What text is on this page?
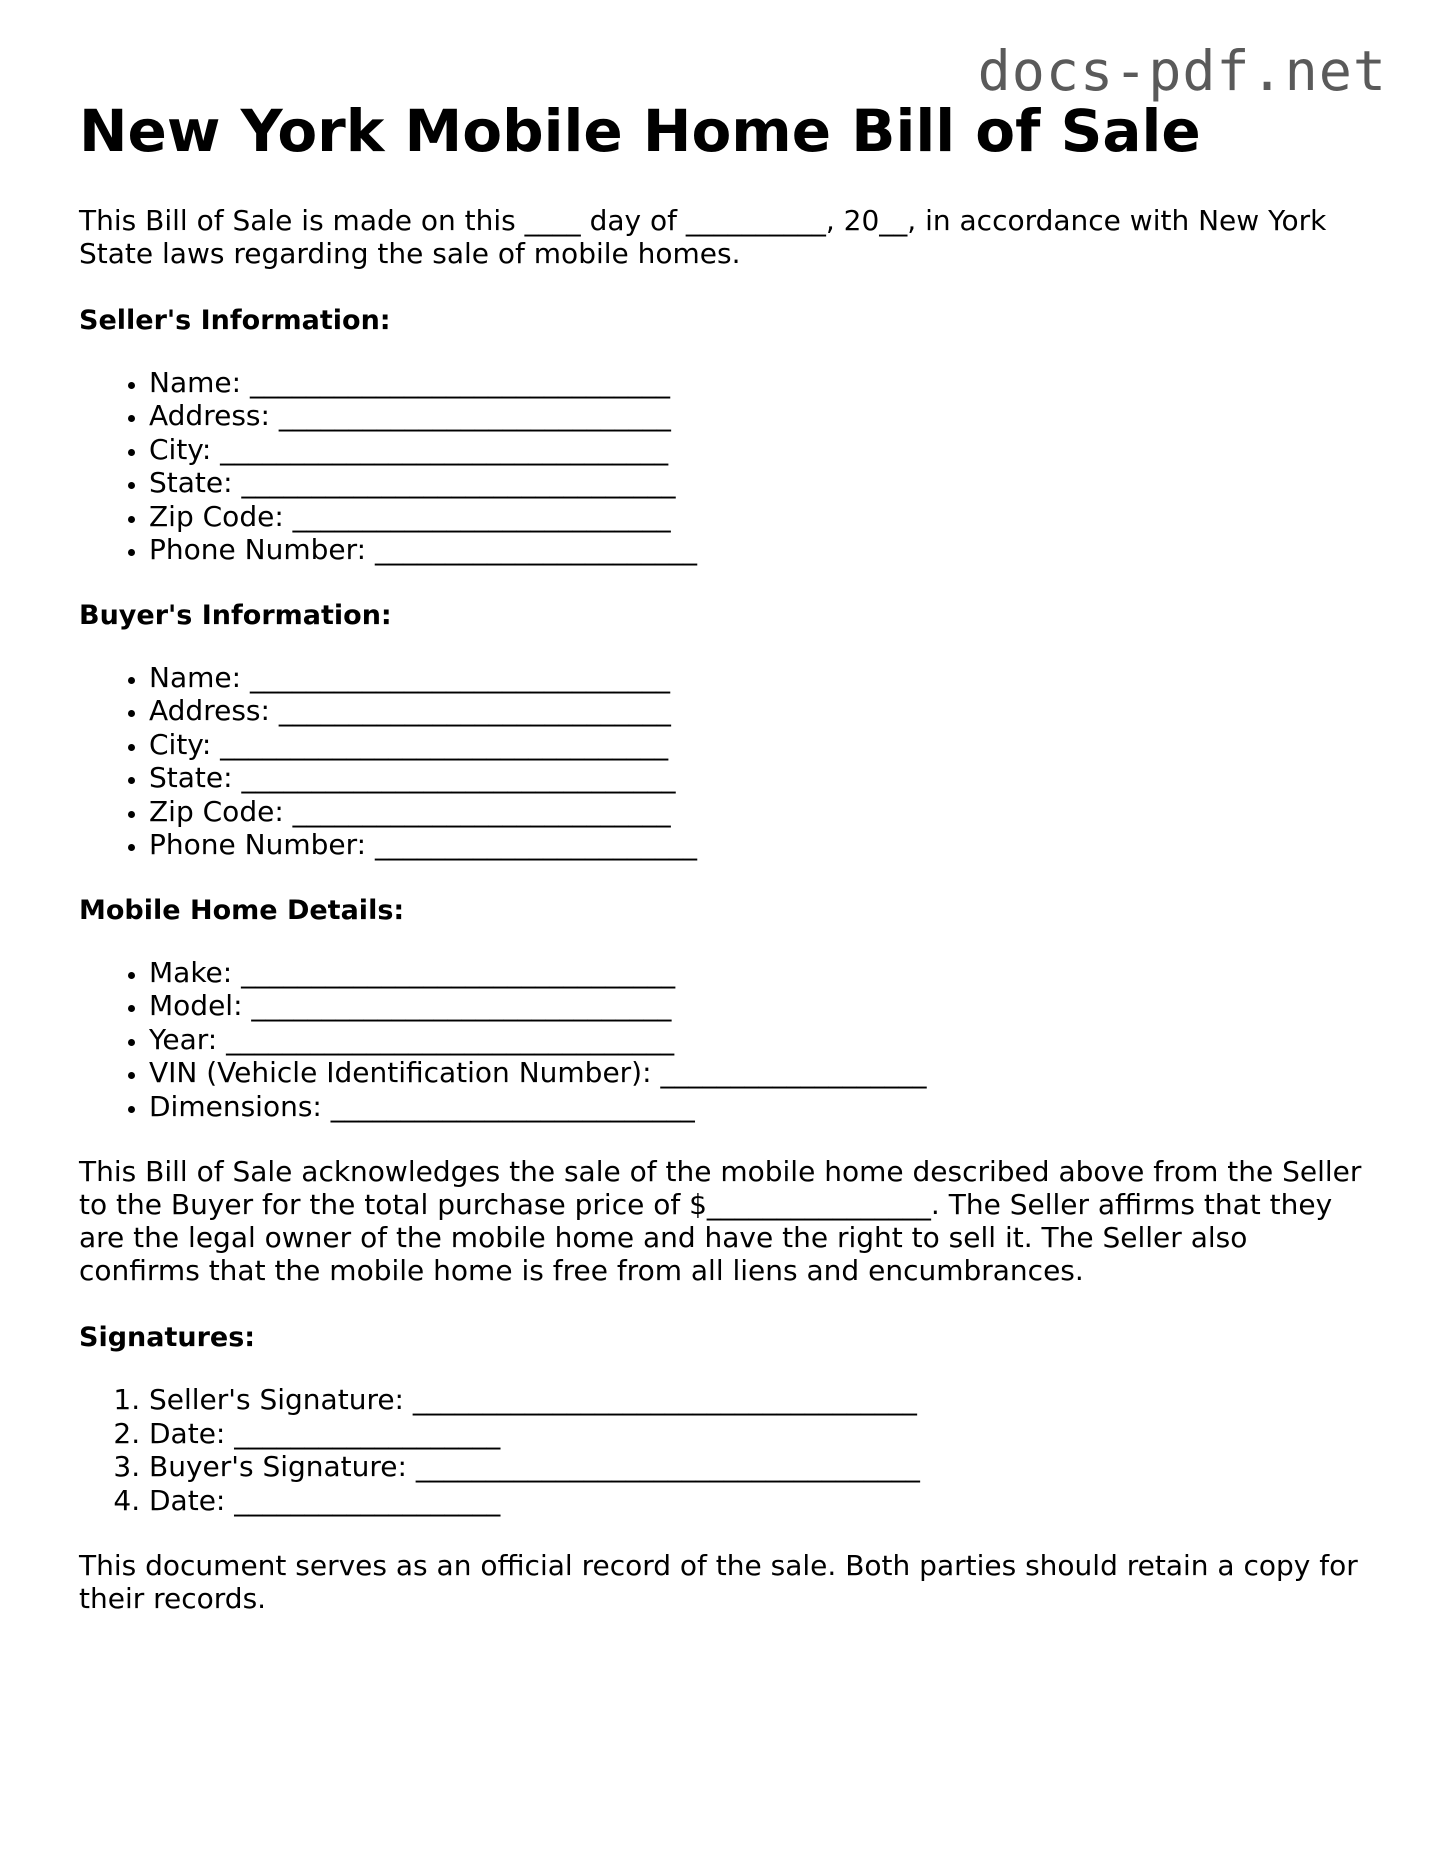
docs-pdf.net
New York Mobile Home Bill of Sale

This Bill of Sale is made on this ____ day of __________, 20__, in accordance with New York State laws regarding the sale of mobile homes.

Seller's Information:
• Name: ______________________________
• Address: ____________________________
• City: ________________________________
• State: _______________________________
• Zip Code: ___________________________
• Phone Number: _______________________
Buyer's Information:
• Name: ______________________________
• Address: ____________________________
• City: ________________________________
• State: _______________________________
• Zip Code: ___________________________
• Phone Number: _______________________
Mobile Home Details:
• Make: _______________________________
• Model: ______________________________
• Year: ________________________________
• VIN (Vehicle Identification Number): ___________________
• Dimensions: __________________________

This Bill of Sale acknowledges the sale of the mobile home described above from the Seller to the Buyer for the total purchase price of $________________. The Seller affirms that they are the legal owner of the mobile home and have the right to sell it. The Seller also confirms that the mobile home is free from all liens and encumbrances.

Signatures:
1. Seller's Signature: ____________________________________
2. Date: ___________________
3. Buyer's Signature: ____________________________________
4. Date: ___________________

This document serves as an official record of the sale. Both parties should retain a copy for their records.
